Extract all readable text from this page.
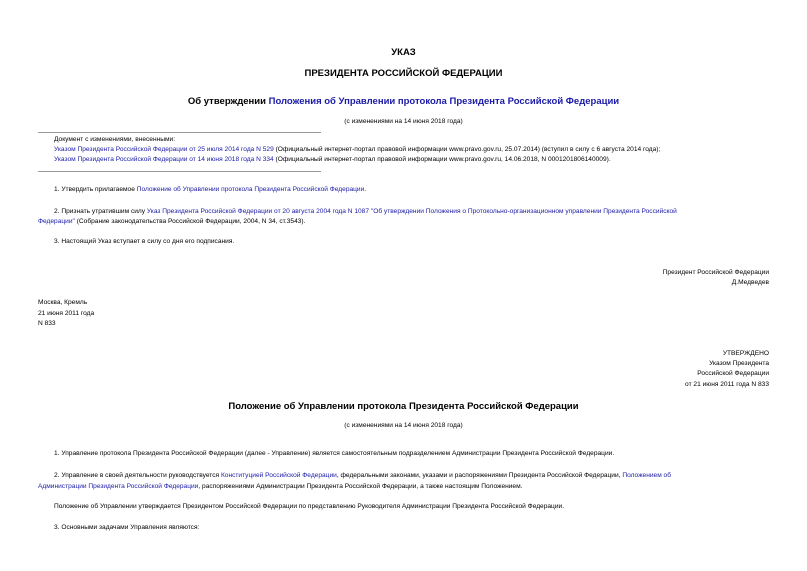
УКАЗ
ПРЕЗИДЕНТА РОССИЙСКОЙ ФЕДЕРАЦИИ
Об утверждении Положения об Управлении протокола Президента Российской Федерации
(с изменениями на 14 июня 2018 года)
Документ с изменениями, внесенными:
Указом Президента Российской Федерации от 25 июля 2014 года N 529 (Официальный интернет-портал правовой информации www.pravo.gov.ru, 25.07.2014) (вступил в силу с 6 августа 2014 года);
Указом Президента Российской Федерации от 14 июня 2018 года N 334 (Официальный интернет-портал правовой информации www.pravo.gov.ru, 14.06.2018, N 0001201806140009).
1. Утвердить прилагаемое Положение об Управлении протокола Президента Российской Федерации.
2. Признать утратившим силу Указ Президента Российской Федерации от 20 августа 2004 года N 1087 "Об утверждении Положения о Протокольно-организационном управлении Президента Российской
Федерации" (Собрание законодательства Российской Федерации, 2004, N 34, ст.3543).
3. Настоящий Указ вступает в силу со дня его подписания.
Президент Российской Федерации
Д.Медведев
Москва, Кремль
21 июня 2011 года
N 833
УТВЕРЖДЕНО
Указом Президента
Российской Федерации
от 21 июня 2011 года N 833
Положение об Управлении протокола Президента Российской Федерации
(с изменениями на 14 июня 2018 года)
1. Управление протокола Президента Российской Федерации (далее - Управление) является самостоятельным подразделением Администрации Президента Российской Федерации.
2. Управление в своей деятельности руководствуется Конституцией Российской Федерации, федеральными законами, указами и распоряжениями Президента Российской Федерации, Положением об
Администрации Президента Российской Федерации, распоряжениями Администрации Президента Российской Федерации, а также настоящим Положением.
Положение об Управлении утверждается Президентом Российской Федерации по представлению Руководителя Администрации Президента Российской Федерации.
3. Основными задачами Управления являются:
